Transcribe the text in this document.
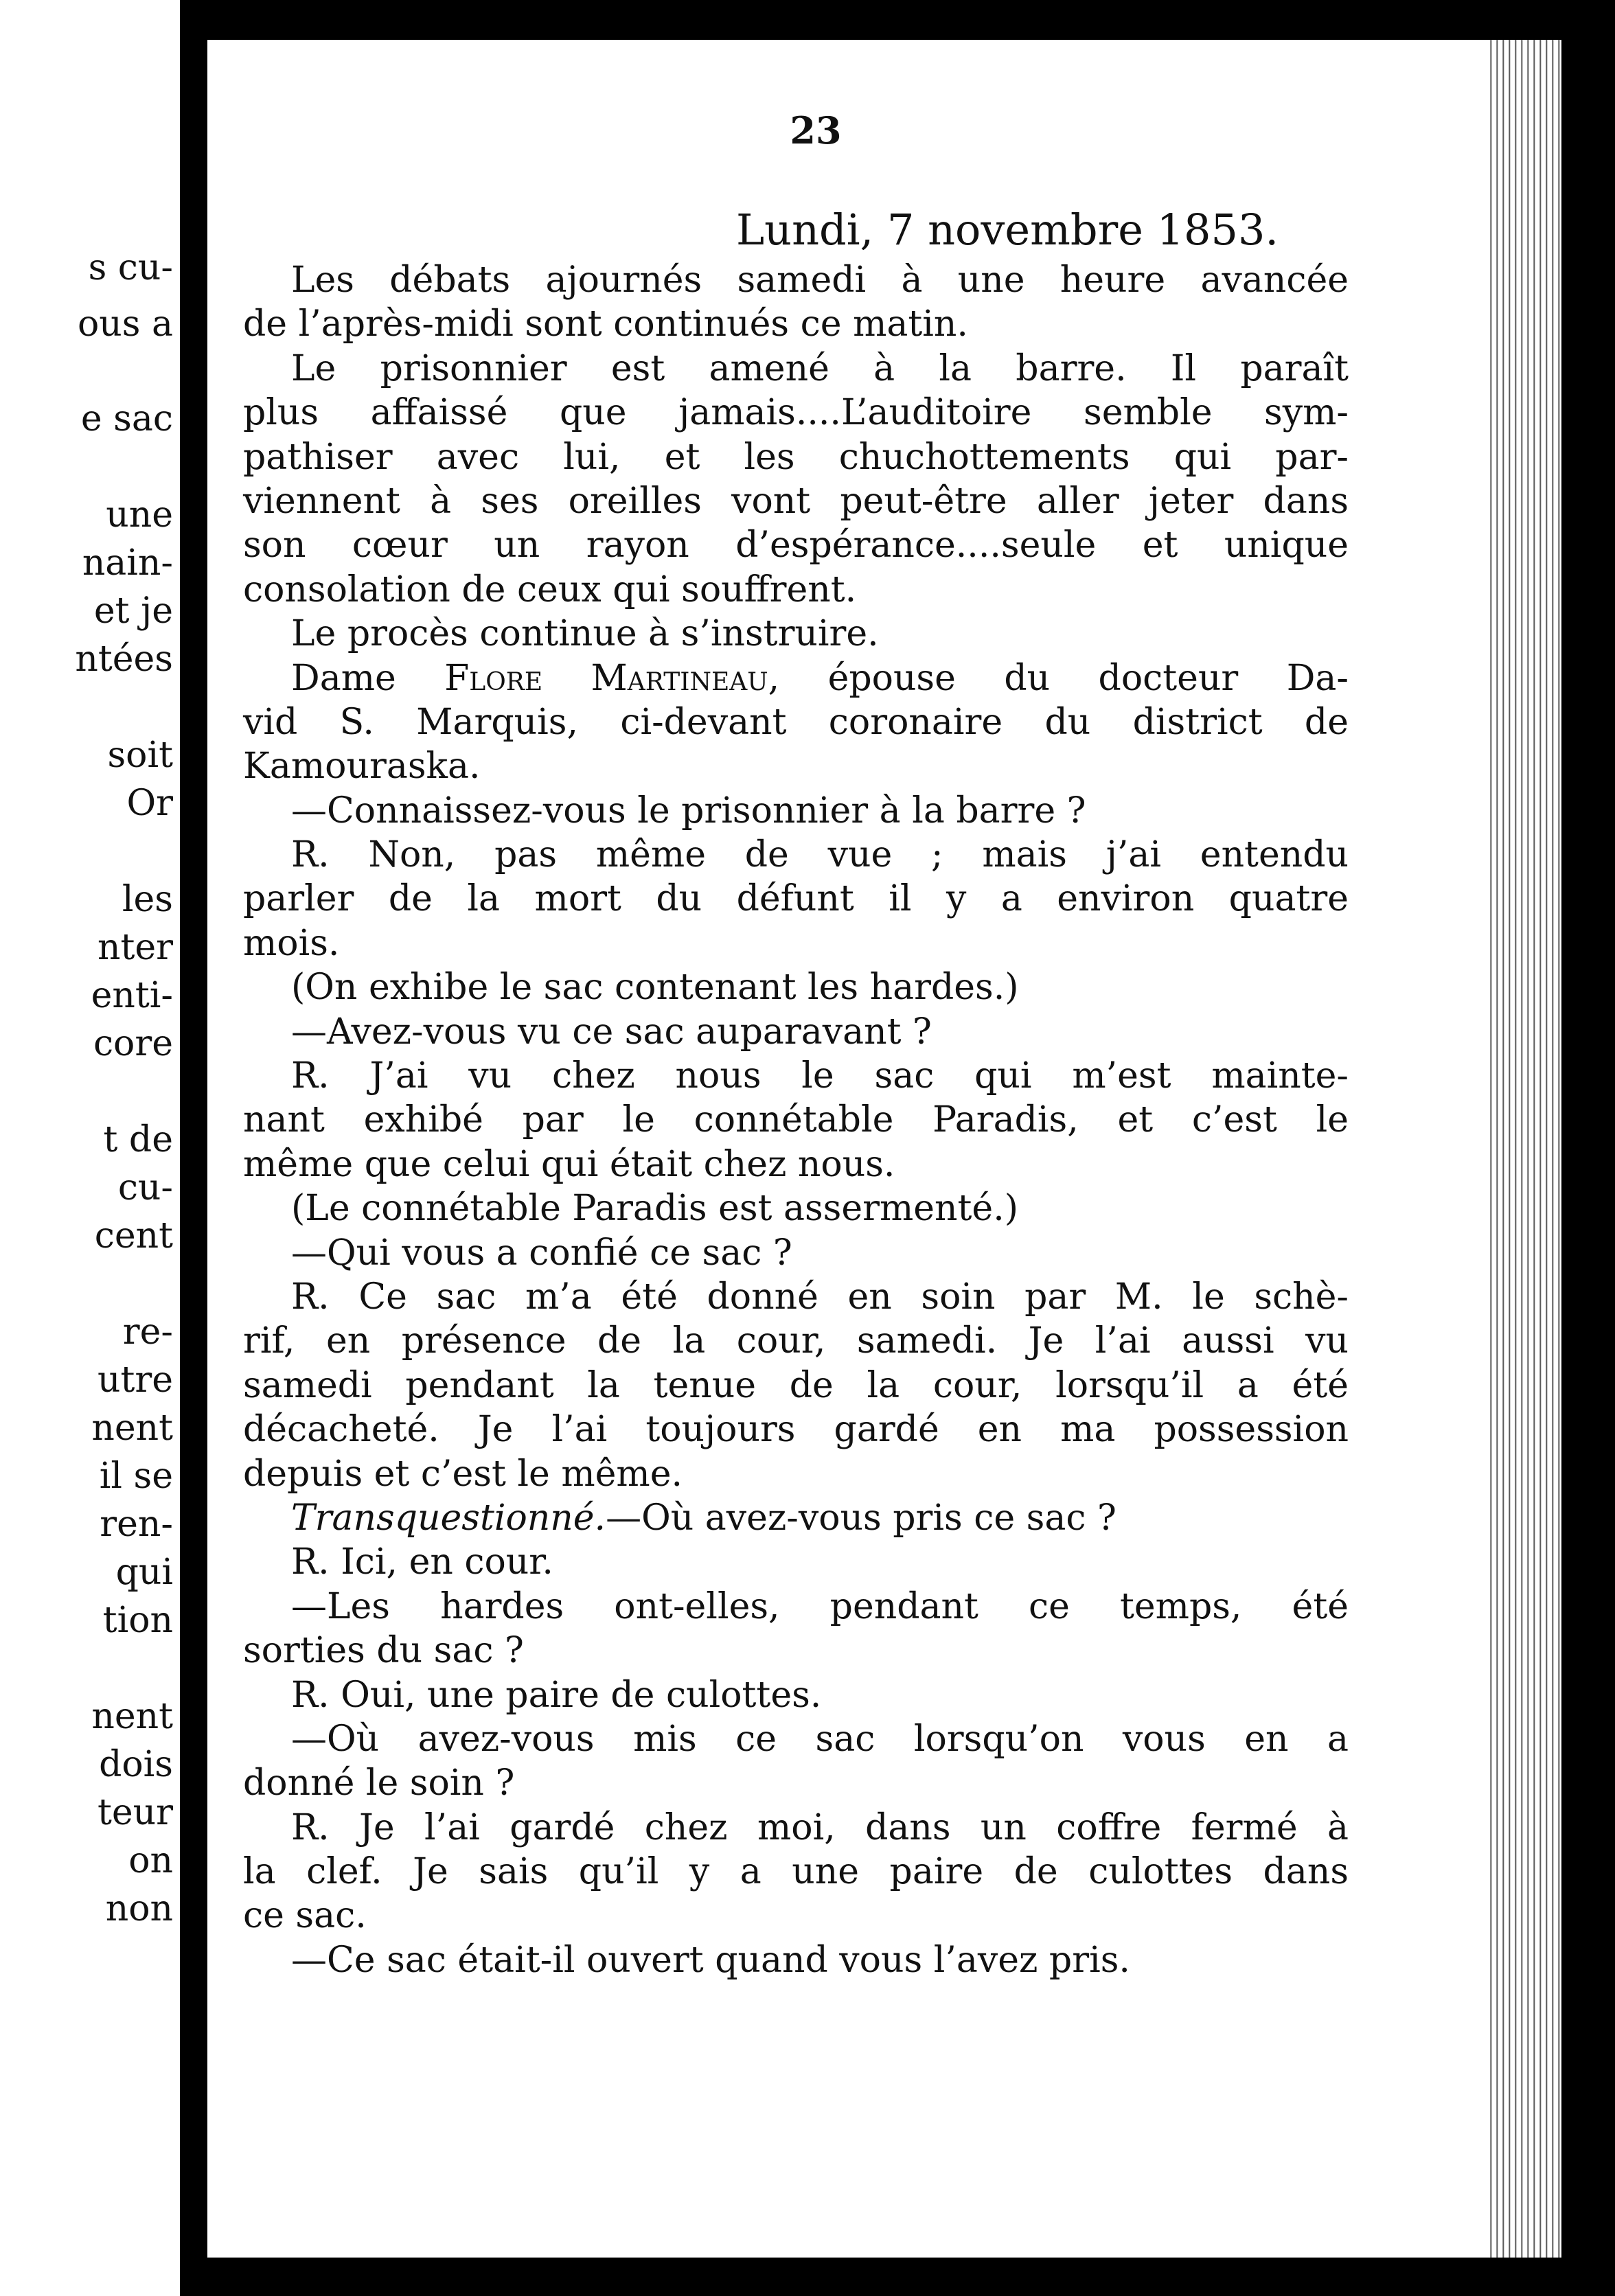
s cu-
ous a
e sac
une
nain-
et je
ntées
soit
Or
les
nter
enti-
core
t de
cu-
cent
re-
utre
nent
il se
ren-
qui
tion
nent
dois
teur
on
non
23
Lundi, 7 novembre 1853.
Les débats ajournés samedi à une heure avancée
de l’après-midi sont continués ce matin.
Le prisonnier est amené à la barre. Il paraît
plus affaissé que jamais....L’auditoire semble sym-
pathiser avec lui, et les chuchottements qui par-
viennent à ses oreilles vont peut-être aller jeter dans
son cœur un rayon d’espérance....seule et unique
consolation de ceux qui souffrent.
Le procès continue à s’instruire.
Dame Flore Martineau, épouse du docteur Da-
vid S. Marquis, ci-devant coronaire du district de
Kamouraska.
—Connaissez-vous le prisonnier à la barre ?
R. Non, pas même de vue ; mais j’ai entendu
parler de la mort du défunt il y a environ quatre
mois.
(On exhibe le sac contenant les hardes.)
—Avez-vous vu ce sac auparavant ?
R. J’ai vu chez nous le sac qui m’est mainte-
nant exhibé par le connétable Paradis, et c’est le
même que celui qui était chez nous.
(Le connétable Paradis est assermenté.)
—Qui vous a confié ce sac ?
R. Ce sac m’a été donné en soin par M. le schè-
rif, en présence de la cour, samedi. Je l’ai aussi vu
samedi pendant la tenue de la cour, lorsqu’il a été
décacheté. Je l’ai toujours gardé en ma possession
depuis et c’est le même.
Transquestionné.—Où avez-vous pris ce sac ?
R. Ici, en cour.
—Les hardes ont-elles, pendant ce temps, été
sorties du sac ?
R. Oui, une paire de culottes.
—Où avez-vous mis ce sac lorsqu’on vous en a
donné le soin ?
R. Je l’ai gardé chez moi, dans un coffre fermé à
la clef. Je sais qu’il y a une paire de culottes dans
ce sac.
—Ce sac était-il ouvert quand vous l’avez pris.
